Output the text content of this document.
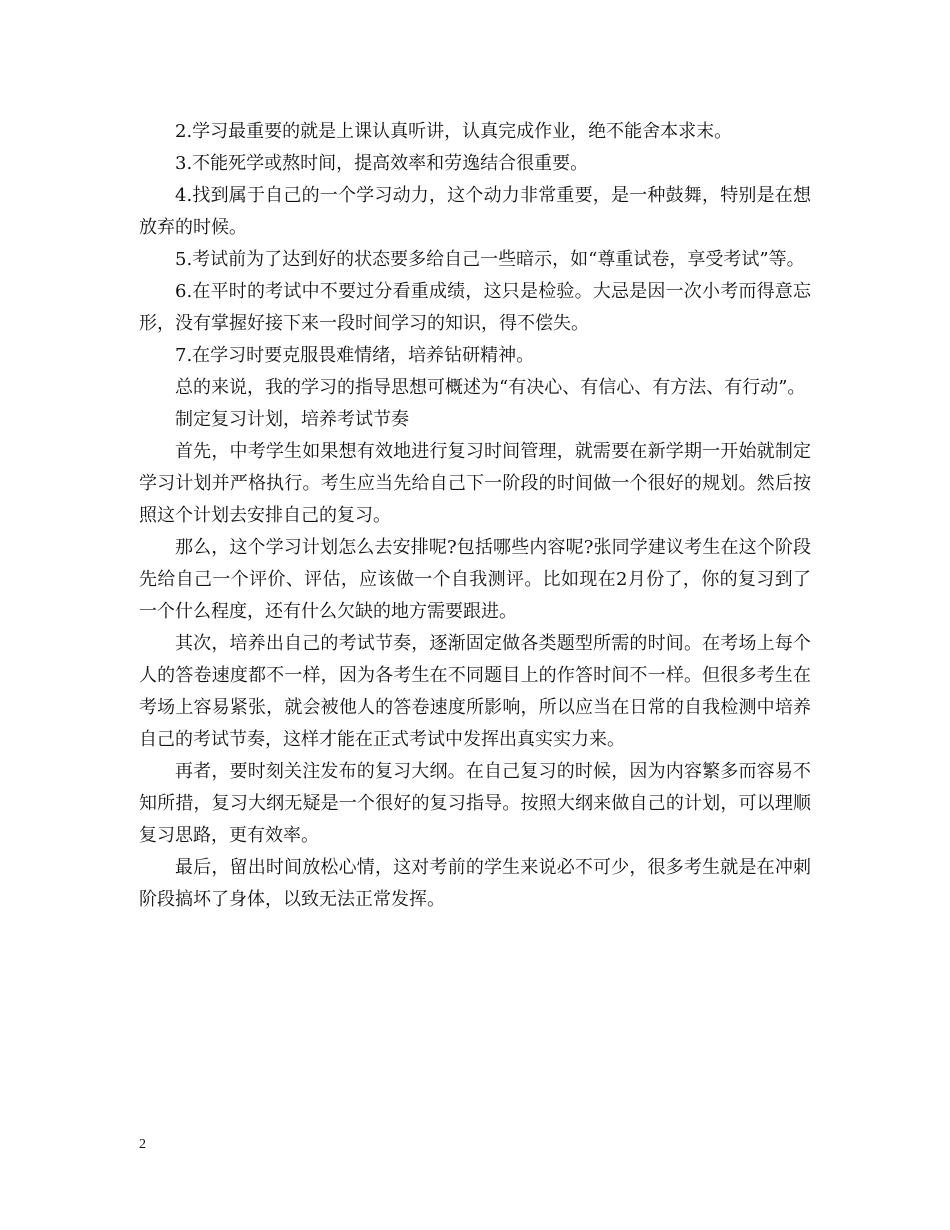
2.学习最重要的就是上课认真听讲，认真完成作业，绝不能舍本求末。

3.不能死学或熬时间，提高效率和劳逸结合很重要。

4.找到属于自己的一个学习动力，这个动力非常重要，是一种鼓舞，特别是在想放弃的时候。

5.考试前为了达到好的状态要多给自己一些暗示，如“尊重试卷，享受考试”等。

6.在平时的考试中不要过分看重成绩，这只是检验。大忌是因一次小考而得意忘形，没有掌握好接下来一段时间学习的知识，得不偿失。

7.在学习时要克服畏难情绪，培养钻研精神。

总的来说，我的学习的指导思想可概述为“有决心、有信心、有方法、有行动”。

制定复习计划，培养考试节奏

首先，中考学生如果想有效地进行复习时间管理，就需要在新学期一开始就制定学习计划并严格执行。考生应当先给自己下一阶段的时间做一个很好的规划。然后按照这个计划去安排自己的复习。

那么，这个学习计划怎么去安排呢?包括哪些内容呢?张同学建议考生在这个阶段先给自己一个评价、评估，应该做一个自我测评。比如现在2月份了，你的复习到了一个什么程度，还有什么欠缺的地方需要跟进。

其次，培养出自己的考试节奏，逐渐固定做各类题型所需的时间。在考场上每个人的答卷速度都不一样，因为各考生在不同题目上的作答时间不一样。但很多考生在考场上容易紧张，就会被他人的答卷速度所影响，所以应当在日常的自我检测中培养自己的考试节奏，这样才能在正式考试中发挥出真实实力来。

再者，要时刻关注发布的复习大纲。在自己复习的时候，因为内容繁多而容易不知所措，复习大纲无疑是一个很好的复习指导。按照大纲来做自己的计划，可以理顺复习思路，更有效率。

最后，留出时间放松心情，这对考前的学生来说必不可少，很多考生就是在冲刺阶段搞坏了身体，以致无法正常发挥。

2
